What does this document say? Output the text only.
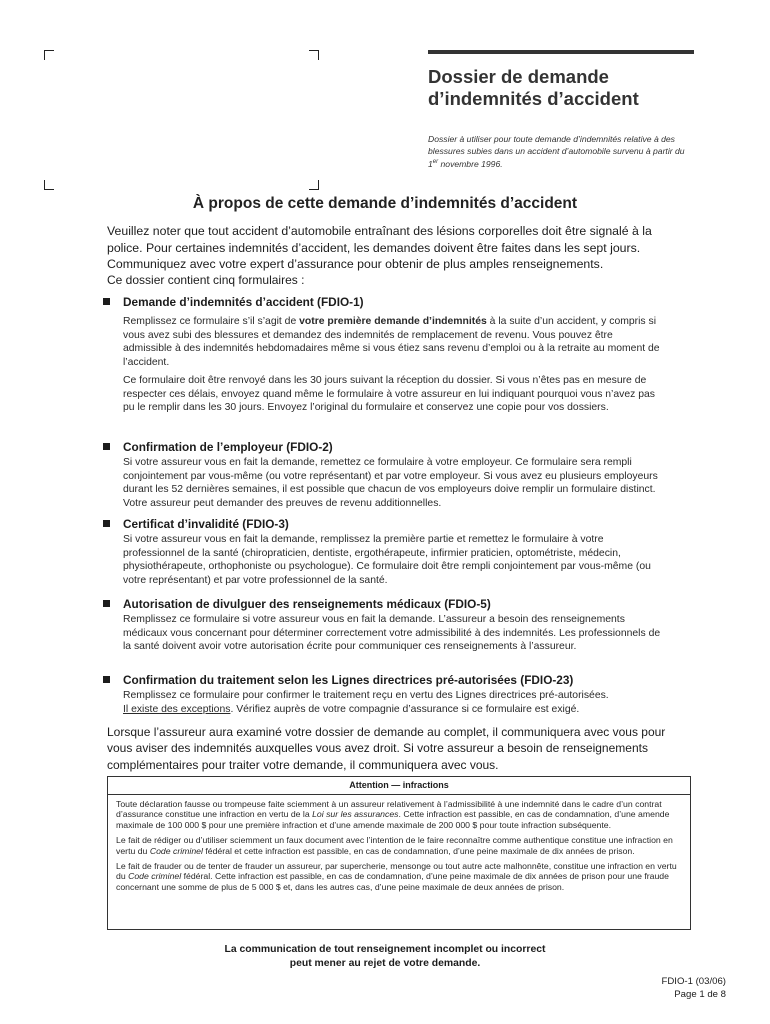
Dossier de demande
d’indemnités d’accident
Dossier à utiliser pour toute demande d’indemnités relative à des blessures subies dans un accident d’automobile survenu à partir du 1er novembre 1996.
À propos de cette demande d’indemnités d’accident
Veuillez noter que tout accident d’automobile entraînant des lésions corporelles doit être signalé à la police. Pour certaines indemnités d’accident, les demandes doivent être faites dans les sept jours. Communiquez avec votre expert d’assurance pour obtenir de plus amples renseignements.
Ce dossier contient cinq formulaires :
Demande d’indemnités d’accident (FDIO-1)

Remplissez ce formulaire s’il s’agit de votre première demande d’indemnités à la suite d’un accident, y compris si vous avez subi des blessures et demandez des indemnités de remplacement de revenu. Vous pouvez être admissible à des indemnités hebdomadaires même si vous étiez sans revenu d’emploi ou à la retraite au moment de l’accident.

Ce formulaire doit être renvoyé dans les 30 jours suivant la réception du dossier. Si vous n’êtes pas en mesure de respecter ces délais, envoyez quand même le formulaire à votre assureur en lui indiquant pourquoi vous n’avez pas pu le remplir dans les 30 jours. Envoyez l’original du formulaire et conservez une copie pour vos dossiers.

Confirmation de l’employeur (FDIO-2)
Si votre assureur vous en fait la demande, remettez ce formulaire à votre employeur. Ce formulaire sera rempli conjointement par vous-même (ou votre représentant) et par votre employeur. Si vous avez eu plusieurs employeurs durant les 52 dernières semaines, il est possible que chacun de vos employeurs doive remplir un formulaire distinct. Votre assureur peut demander des preuves de revenu additionnelles.
Certificat d’invalidité (FDIO-3)
Si votre assureur vous en fait la demande, remplissez la première partie et remettez le formulaire à votre professionnel de la santé (chiropraticien, dentiste, ergothérapeute, infirmier praticien, optométriste, médecin, physiothérapeute, orthophoniste ou psychologue). Ce formulaire doit être rempli conjointement par vous-même (ou votre représentant) et par votre professionnel de la santé.
Autorisation de divulguer des renseignements médicaux (FDIO-5)
Remplissez ce formulaire si votre assureur vous en fait la demande. L’assureur a besoin des renseignements médicaux vous concernant pour déterminer correctement votre admissibilité à des indemnités. Les professionnels de la santé doivent avoir votre autorisation écrite pour communiquer ces renseignements à l’assureur.
Confirmation du traitement selon les Lignes directrices pré-autorisées (FDIO-23)
Remplissez ce formulaire pour confirmer le traitement reçu en vertu des Lignes directrices pré-autorisées.
Il existe des exceptions. Vérifiez auprès de votre compagnie d’assurance si ce formulaire est exigé.
Lorsque l’assureur aura examiné votre dossier de demande au complet, il communiquera avec vous pour vous aviser des indemnités auxquelles vous avez droit. Si votre assureur a besoin de renseignements complémentaires pour traiter votre demande, il communiquera avec vous.
Attention — infractions

Toute déclaration fausse ou trompeuse faite sciemment à un assureur relativement à l’admissibilité à une indemnité dans le cadre d’un contrat d’assurance constitue une infraction en vertu de la Loi sur les assurances. Cette infraction est passible, en cas de condamnation, d’une amende maximale de 100 000 $ pour une première infraction et d’une amende maximale de 200 000 $ pour toute infraction subséquente.

Le fait de rédiger ou d’utiliser sciemment un faux document avec l’intention de le faire reconnaître comme authentique constitue une infraction en vertu du Code criminel fédéral et cette infraction est passible, en cas de condamnation, d’une peine maximale de dix années de prison.

Le fait de frauder ou de tenter de frauder un assureur, par supercherie, mensonge ou tout autre acte malhonnête, constitue une infraction en vertu du Code criminel fédéral. Cette infraction est passible, en cas de condamnation, d’une peine maximale de dix années de prison pour une fraude concernant une somme de plus de 5 000 $ et, dans les autres cas, d’une peine maximale de deux années de prison.

La communication de tout renseignement incomplet ou incorrect
peut mener au rejet de votre demande.
FDIO-1 (03/06)
Page 1 de 8
